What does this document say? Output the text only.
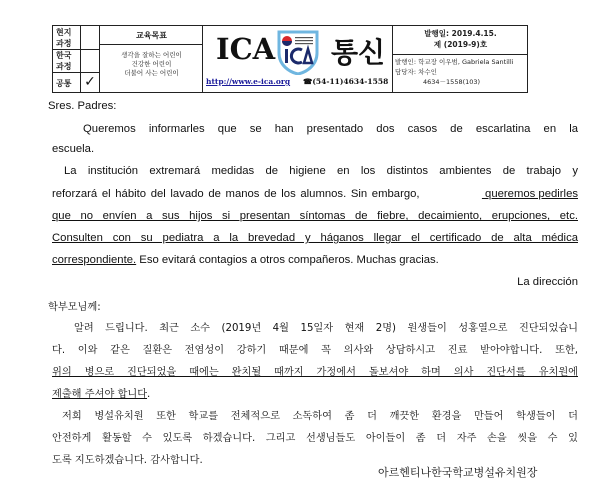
현지
과정
한국
과정
공통 ✓
교육목표
생각을 잘하는 어린이
건강한 어린이
더불어 사는 어린이
ICA 통신
http://www.e-ica.org ☎(54-11)4634-1558
발행일: 2019.4.15.
제 (2019-9)호
발행인: 학교장 이우범, Gabriela Santilli
담당자: 차수인
4634－1558(103)
Sres. Padres:
Queremos informarles que se han presentado dos casos de escarlatina en la
escuela.
La institución extremará medidas de higiene en los distintos ambientes de trabajo y
reforzará el hábito del lavado de manos de los alumnos. Sin embargo,	queremos pedirles
que no envíen a sus hijos si presentan síntomas de fiebre, decaimiento, erupciones, etc.
Consulten con su pediatra a la brevedad y háganos llegar el certificado de alta médica
correspondiente. Eso evitará contagios a otros compañeros. Muchas gracias.
La dirección
학부모님께:
알려 드립니다. 최근 소수 (2019년 4월 15일자 현재 2명) 원생들이 성홍열으로 진단되었습니
다. 이와 같은 질환은 전염성이 강하기 때문에 꼭 의사와 상담하시고 진료 받아야합니다. 또한,
위의 병으로 진단되었을 때에는 완치될 때까지 가정에서 돌보셔야 하며 의사 진단서를 유치원에
제출해 주셔야 합니다.
저희 병설유치원 또한 학교를 전체적으로 소독하여 좀 더 깨끗한 환경을 만들어 학생들이 더
안전하게 활동할 수 있도록 하겠습니다. 그리고 선생님들도 아이들이 좀 더 자주 손을 씻을 수 있
도록 지도하겠습니다. 감사합니다.
아르헨티나한국학교병설유치원장
